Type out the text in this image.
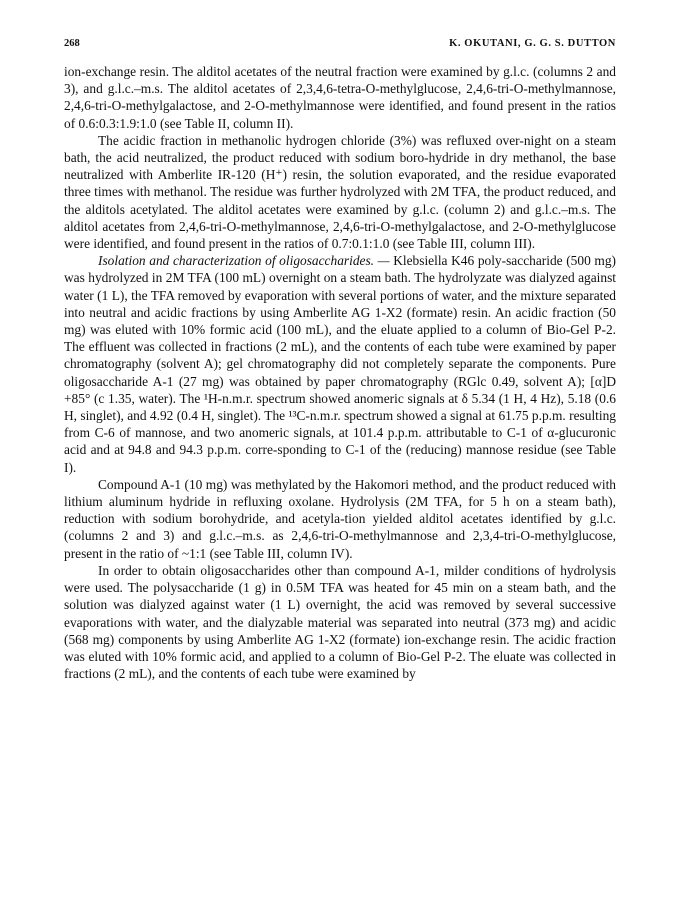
268	K. OKUTANI, G. G. S. DUTTON

ion-exchange resin. The alditol acetates of the neutral fraction were examined by g.l.c. (columns 2 and 3), and g.l.c.–m.s. The alditol acetates of 2,3,4,6-tetra-O-methylglucose, 2,4,6-tri-O-methylmannose, 2,4,6-tri-O-methylgalactose, and 2-O-methylmannose were identified, and found present in the ratios of 0.6:0.3:1.9:1.0 (see Table II, column II).

The acidic fraction in methanolic hydrogen chloride (3%) was refluxed over-night on a steam bath, the acid neutralized, the product reduced with sodium boro-hydride in dry methanol, the base neutralized with Amberlite IR-120 (H⁺) resin, the solution evaporated, and the residue evaporated three times with methanol. The residue was further hydrolyzed with 2M TFA, the product reduced, and the alditols acetylated. The alditol acetates were examined by g.l.c. (column 2) and g.l.c.–m.s. The alditol acetates from 2,4,6-tri-O-methylmannose, 2,4,6-tri-O-methylgalactose, and 2-O-methylglucose were identified, and found present in the ratios of 0.7:0.1:1.0 (see Table III, column III).

Isolation and characterization of oligosaccharides. — Klebsiella K46 poly-saccharide (500 mg) was hydrolyzed in 2M TFA (100 mL) overnight on a steam bath. The hydrolyzate was dialyzed against water (1 L), the TFA removed by evaporation with several portions of water, and the mixture separated into neutral and acidic fractions by using Amberlite AG 1-X2 (formate) resin. An acidic fraction (50 mg) was eluted with 10% formic acid (100 mL), and the eluate applied to a column of Bio-Gel P-2. The effluent was collected in fractions (2 mL), and the contents of each tube were examined by paper chromatography (solvent A); gel chromatography did not completely separate the components. Pure oligosaccharide A-1 (27 mg) was obtained by paper chromatography (RGlc 0.49, solvent A); [α]D +85° (c 1.35, water). The ¹H-n.m.r. spectrum showed anomeric signals at δ 5.34 (1 H, 4 Hz), 5.18 (0.6 H, singlet), and 4.92 (0.4 H, singlet). The ¹³C-n.m.r. spectrum showed a signal at 61.75 p.p.m. resulting from C-6 of mannose, and two anomeric signals, at 101.4 p.p.m. attributable to C-1 of α-glucuronic acid and at 94.8 and 94.3 p.p.m. corre-sponding to C-1 of the (reducing) mannose residue (see Table I).

Compound A-1 (10 mg) was methylated by the Hakomori method, and the product reduced with lithium aluminum hydride in refluxing oxolane. Hydrolysis (2M TFA, for 5 h on a steam bath), reduction with sodium borohydride, and acetyla-tion yielded alditol acetates identified by g.l.c. (columns 2 and 3) and g.l.c.–m.s. as 2,4,6-tri-O-methylmannose and 2,3,4-tri-O-methylglucose, present in the ratio of ~1:1 (see Table III, column IV).

In order to obtain oligosaccharides other than compound A-1, milder conditions of hydrolysis were used. The polysaccharide (1 g) in 0.5M TFA was heated for 45 min on a steam bath, and the solution was dialyzed against water (1 L) overnight, the acid was removed by several successive evaporations with water, and the dialyzable material was separated into neutral (373 mg) and acidic (568 mg) components by using Amberlite AG 1-X2 (formate) ion-exchange resin. The acidic fraction was eluted with 10% formic acid, and applied to a column of Bio-Gel P-2. The eluate was collected in fractions (2 mL), and the contents of each tube were examined by
